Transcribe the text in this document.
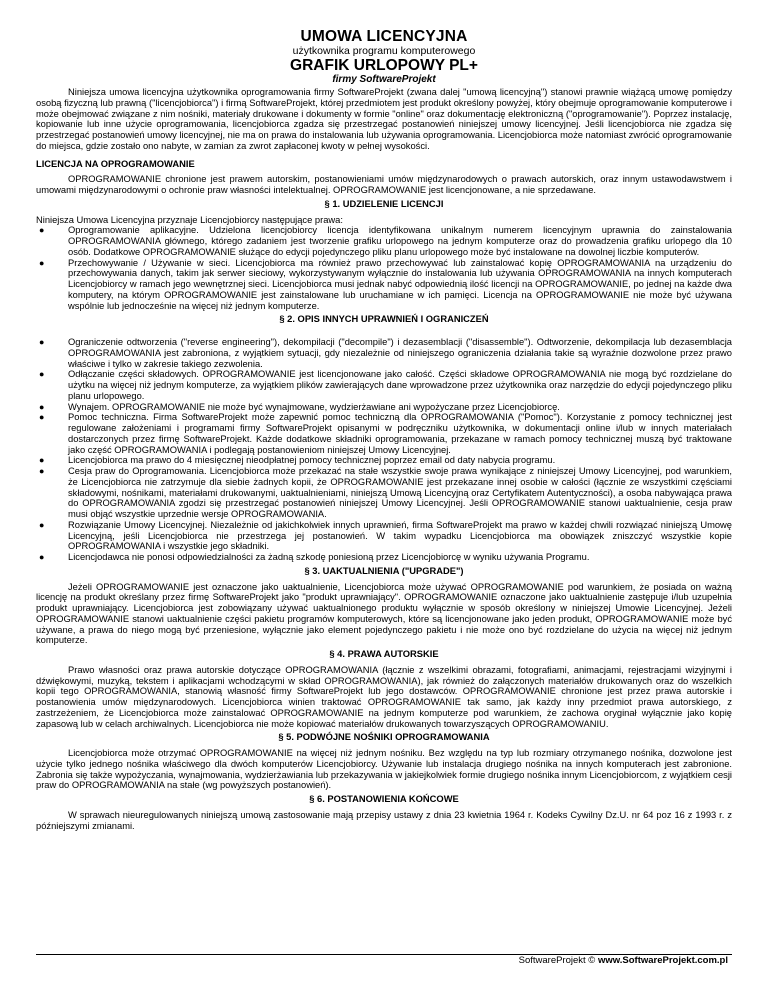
UMOWA LICENCYJNA
użytkownika programu komputerowego
GRAFIK URLOPOWY PL+
firmy SoftwareProjekt

Niniejsza umowa licencyjna użytkownika oprogramowania firmy SoftwareProjekt (zwana dalej "umową licencyjną") stanowi prawnie wiążącą umowę pomiędzy osobą fizyczną lub prawną ("licencjobiorca") i firmą SoftwareProjekt, której przedmiotem jest produkt określony powyżej, który obejmuje oprogramowanie komputerowe i może obejmować związane z nim nośniki, materiały drukowane i dokumenty w formie "online" oraz dokumentację elektroniczną ("oprogramowanie"). Poprzez instalację, kopiowanie lub inne użycie oprogramowania, licencjobiorca zgadza się przestrzegać postanowień niniejszej umowy licencyjnej. Jeśli licencjobiorca nie zgadza się przestrzegać postanowień umowy licencyjnej, nie ma on prawa do instalowania lub używania oprogramowania. Licencjobiorca może natomiast zwrócić oprogramowanie do miejsca, gdzie zostało ono nabyte, w zamian za zwrot zapłaconej kwoty w pełnej wysokości.

LICENCJA NA OPROGRAMOWANIE

OPROGRAMOWANIE chronione jest prawem autorskim, postanowieniami umów międzynarodowych o prawach autorskich, oraz innym ustawodawstwem i umowami międzynarodowymi o ochronie praw własności intelektualnej. OPROGRAMOWANIE jest licencjonowane, a nie sprzedawane.

§ 1. UDZIELENIE LICENCJI

Niniejsza Umowa Licencyjna przyznaje Licencjobiorcy następujące prawa:

●	Oprogramowanie aplikacyjne. Udzielona licencjobiorcy licencja identyfikowana unikalnym numerem licencyjnym uprawnia do zainstalowania OPROGRAMOWANIA głównego, którego zadaniem jest tworzenie grafiku urlopowego na jednym komputerze oraz do prowadzenia grafiku urlopego dla 10 osób. Dodatkowe OPROGRAMOWANIE służące do edycji pojedynczego pliku planu urlopowego może być instalowane na dowolnej liczbie komputerów.
●	Przechowywanie / Używanie w sieci. Licencjobiorca ma również prawo przechowywać lub zainstalować kopię OPROGRAMOWANIA na urządzeniu do przechowywania danych, takim jak serwer sieciowy, wykorzystywanym wyłącznie do instalowania lub używania OPROGRAMOWANIA na innych komputerach Licencjobiorcy w ramach jego wewnętrznej sieci. Licencjobiorca musi jednak nabyć odpowiednią ilość licencji na OPROGRAMOWANIE, po jednej na każde dwa komputery, na którym OPROGRAMOWANIE jest zainstalowane lub uruchamiane w ich pamięci. Licencja na OPROGRAMOWANIE nie może być używana wspólnie lub jednocześnie na więcej niż jednym komputerze.
§ 2. OPIS INNYCH UPRAWNIEŃ I OGRANICZEŃ
●	Ograniczenie odtworzenia ("reverse engineering"), dekompilacji ("decompile") i dezasemblacji ("disassemble"). Odtworzenie, dekompilacja lub dezasemblacja OPROGRAMOWANIA jest zabroniona, z wyjątkiem sytuacji, gdy niezależnie od niniejszego ograniczenia działania takie są wyraźnie dozwolone przez prawo właściwe i tylko w zakresie takiego zezwolenia.
●	Odłączanie części składowych. OPROGRAMOWANIE jest licencjonowane jako całość. Części składowe OPROGRAMOWANIA nie mogą być rozdzielane do użytku na więcej niż jednym komputerze, za wyjątkiem plików zawierających dane wprowadzone przez użytkownika oraz narzędzie do edycji pojedynczego pliku planu urlopowego.
●	Wynajem. OPROGRAMOWANIE nie może być wynajmowane, wydzierżawiane ani wypożyczane przez Licencjobiorcę.
●	Pomoc techniczna. Firma SoftwareProjekt może zapewnić pomoc techniczną dla OPROGRAMOWANIA ("Pomoc"). Korzystanie z pomocy technicznej jest regulowane założeniami i programami firmy SoftwareProjekt opisanymi w podręczniku użytkownika, w dokumentacji online i/lub w innych materiałach dostarczonych przez firmę SoftwareProjekt. Każde dodatkowe składniki oprogramowania, przekazane w ramach pomocy technicznej muszą być traktowane jako część OPROGRAMOWANIA i podlegają postanowieniom niniejszej Umowy Licencyjnej.
●	Licencjobiorca ma prawo do 4 miesięcznej nieodpłatnej pomocy technicznej poprzez email od daty nabycia programu.
●	Cesja praw do Oprogramowania. Licencjobiorca może przekazać na stałe wszystkie swoje prawa wynikające z niniejszej Umowy Licencyjnej, pod warunkiem, że Licencjobiorca nie zatrzymuje dla siebie żadnych kopii, że OPROGRAMOWANIE jest przekazane innej osobie w całości (łącznie ze wszystkimi częściami składowymi, nośnikami, materiałami drukowanymi, uaktualnieniami, niniejszą Umową Licencyjną oraz Certyfikatem Autentyczności), a osoba nabywająca prawa do OPROGRAMOWANIA zgodzi się przestrzegać postanowień niniejszej Umowy Licencyjnej. Jeśli OPROGRAMOWANIE stanowi uaktualnienie, cesja praw musi objąć wszystkie uprzednie wersje OPROGRAMOWANIA.
●	Rozwiązanie Umowy Licencyjnej. Niezależnie od jakichkolwiek innych uprawnień, firma SoftwareProjekt ma prawo w każdej chwili rozwiązać niniejszą Umowę Licencyjną, jeśli Licencjobiorca nie przestrzega jej postanowień. W takim wypadku Licencjobiorca ma obowiązek zniszczyć wszystkie kopie OPROGRAMOWANIA i wszystkie jego składniki.
●	Licencjodawca nie ponosi odpowiedzialności za żadną szkodę poniesioną przez Licencjobiorcę w wyniku używania Programu.
§ 3. UAKTUALNIENIA ("UPGRADE")

Jeżeli OPROGRAMOWANIE jest oznaczone jako uaktualnienie, Licencjobiorca może używać OPROGRAMOWANIE pod warunkiem, że posiada on ważną licencję na produkt określany przez firmę SoftwareProjekt jako "produkt uprawniający". OPROGRAMOWANIE oznaczone jako uaktualnienie zastępuje i/lub uzupełnia produkt uprawniający. Licencjobiorca jest zobowiązany używać uaktualnionego produktu wyłącznie w sposób określony w niniejszej Umowie Licencyjnej. Jeżeli OPROGRAMOWANIE stanowi uaktualnienie części pakietu programów komputerowych, które są licencjonowane jako jeden produkt, OPROGRAMOWANIE może być używane, a prawa do niego mogą być przeniesione, wyłącznie jako element pojedynczego pakietu i nie może ono być rozdzielane do użycia na więcej niż jednym komputerze.

§ 4. PRAWA AUTORSKIE

Prawo własności oraz prawa autorskie dotyczące OPROGRAMOWANIA (łącznie z wszelkimi obrazami, fotografiami, animacjami, rejestracjami wizyjnymi i dźwiękowymi, muzyką, tekstem i aplikacjami wchodzącymi w skład OPROGRAMOWANIA), jak również do załączonych materiałów drukowanych oraz do wszelkich kopii tego OPROGRAMOWANIA, stanowią własność firmy SoftwareProjekt lub jego dostawców. OPROGRAMOWANIE chronione jest przez prawa autorskie i postanowienia umów międzynarodowych. Licencjobiorca winien traktować OPROGRAMOWANIE tak samo, jak każdy inny przedmiot prawa autorskiego, z zastrzeżeniem, że Licencjobiorca może zainstalować OPROGRAMOWANIE na jednym komputerze pod warunkiem, że zachowa oryginał wyłącznie jako kopię zapasową lub w celach archiwalnych. Licencjobiorca nie może kopiować materiałów drukowanych towarzyszących OPROGRAMOWANIU.

§ 5. PODWÓJNE NOŚNIKI OPROGRAMOWANIA

Licencjobiorca może otrzymać OPROGRAMOWANIE na więcej niż jednym nośniku. Bez względu na typ lub rozmiary otrzymanego nośnika, dozwolone jest użycie tylko jednego nośnika właściwego dla dwóch komputerów Licencjobiorcy. Używanie lub instalacja drugiego nośnika na innych komputerach jest zabronione. Zabronia się także wypożyczania, wynajmowania, wydzierżawiania lub przekazywania w jakiejkolwiek formie drugiego nośnika innym Licencjobiorcom, z wyjątkiem cesji praw do OPROGRAMOWANIA na stałe (wg powyższych postanowień).

§ 6. POSTANOWIENIA KOŃCOWE

W sprawach nieuregulowanych niniejszą umową zastosowanie mają przepisy ustawy z dnia 23 kwietnia 1964 r. Kodeks Cywilny Dz.U. nr 64 poz 16 z 1993 r. z późniejszymi zmianami.

SoftwareProjekt © www.SoftwareProjekt.com.pl
